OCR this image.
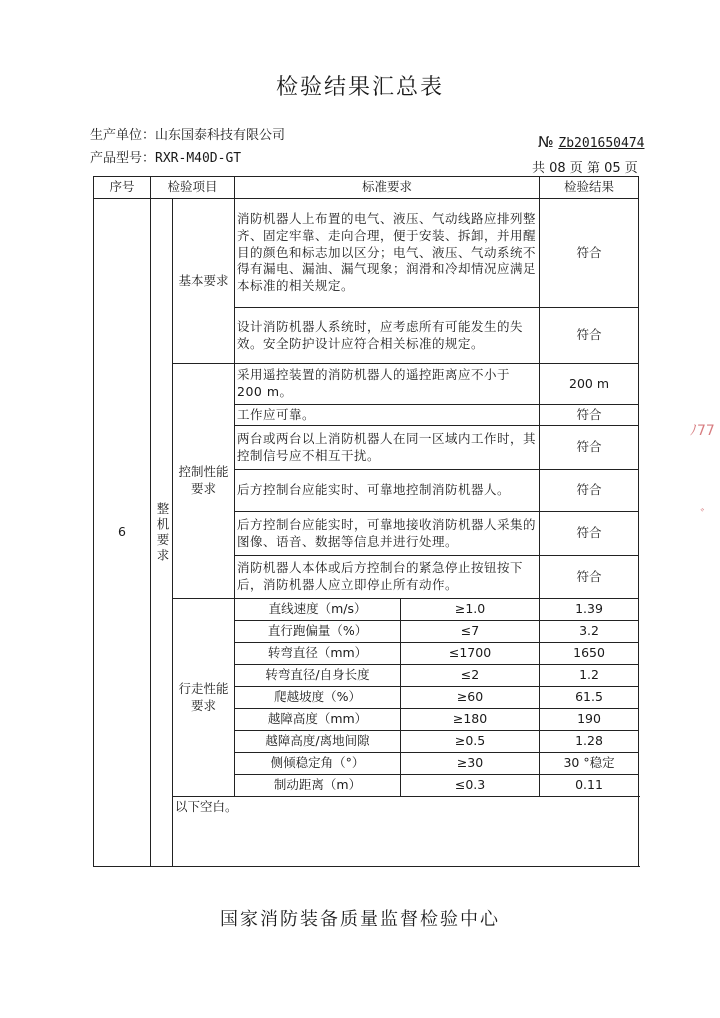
检验结果汇总表
生产单位：山东国泰科技有限公司
产品型号：RXR-M40D-GT
№ Zb201650474
共 08 页 第 05 页
序号	检验项目		标准要求		检验结果
6	整机要求	基本要求	消防机器人上布置的电气、液压、气动线路应排列整齐、固定牢靠、走向合理，便于安装、拆卸，并用醒目的颜色和标志加以区分；电气、液压、气动系统不得有漏电、漏油、漏气现象；润滑和冷却情况应满足本标准的相关规定。		符合
			设计消防机器人系统时，应考虑所有可能发生的失效。安全防护设计应符合相关标准的规定。		符合
		控制性能要求	采用遥控装置的消防机器人的遥控距离应不小于 200 m。		200 m
			工作应可靠。		符合
			两台或两台以上消防机器人在同一区域内工作时，其控制信号应不相互干扰。		符合
			后方控制台应能实时、可靠地控制消防机器人。		符合
			后方控制台应能实时，可靠地接收消防机器人采集的图像、语音、数据等信息并进行处理。		符合
			消防机器人本体或后方控制台的紧急停止按钮按下后，消防机器人应立即停止所有动作。		符合
		行走性能要求	直线速度（m/s）	≥1.0	1.39
			直行跑偏量（%）	≤7	3.2
			转弯直径（mm）	≤1700	1650
			转弯直径/自身长度	≤2	1.2
			爬越坡度（%）	≥60	61.5
			越障高度（mm）	≥180	190
			越障高度/离地间隙	≥0.5	1.28
			侧倾稳定角（°）	≥30	30 °稳定
			制动距离（m）	≤0.3	0.11
		以下空白。			
国家消防装备质量监督检验中心
ﾉ77
ﾞ
